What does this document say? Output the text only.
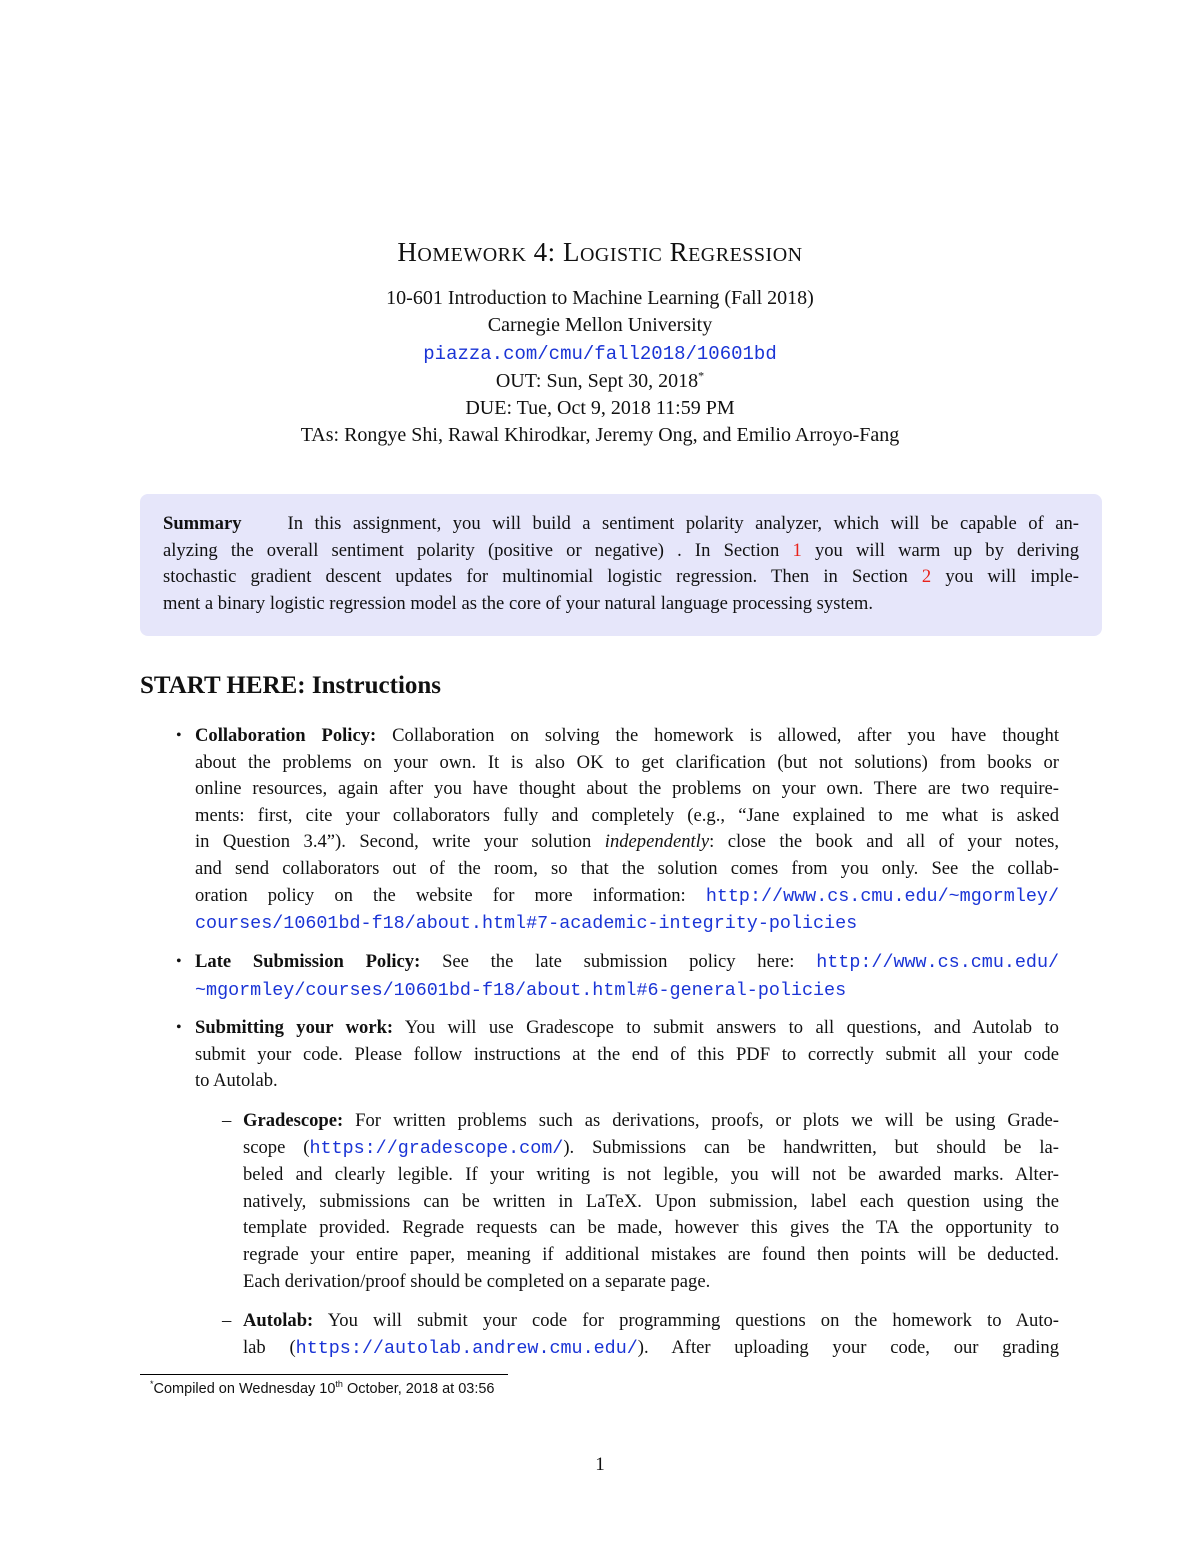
HOMEWORK 4: LOGISTIC REGRESSION

10-601 Introduction to Machine Learning (Fall 2018)

Carnegie Mellon University

piazza.com/cmu/fall2018/10601bd

OUT: Sun, Sept 30, 2018*

DUE: Tue, Oct 9, 2018 11:59 PM

TAs: Rongye Shi, Rawal Khirodkar, Jeremy Ong, and Emilio Arroyo-Fang

Summary In this assignment, you will build a sentiment polarity analyzer, which will be capable of an-
alyzing the overall sentiment polarity (positive or negative) . In Section 1 you will warm up by deriving
stochastic gradient descent updates for multinomial logistic regression. Then in Section 2 you will imple-
ment a binary logistic regression model as the core of your natural language processing system.

START HERE: Instructions
• Collaboration Policy: Collaboration on solving the homework is allowed, after you have thought
about the problems on your own. It is also OK to get clarification (but not solutions) from books or
online resources, again after you have thought about the problems on your own. There are two require-
ments: first, cite your collaborators fully and completely (e.g., “Jane explained to me what is asked
in Question 3.4”). Second, write your solution independently: close the book and all of your notes,
and send collaborators out of the room, so that the solution comes from you only. See the collab-
oration policy on the website for more information: http://www.cs.cmu.edu/~mgormley/
courses/10601bd-f18/about.html#7-academic-integrity-policies
• Late Submission Policy: See the late submission policy here: http://www.cs.cmu.edu/
~mgormley/courses/10601bd-f18/about.html#6-general-policies
• Submitting your work: You will use Gradescope to submit answers to all questions, and Autolab to
submit your code. Please follow instructions at the end of this PDF to correctly submit all your code
to Autolab.
– Gradescope: For written problems such as derivations, proofs, or plots we will be using Grade-
scope (https://gradescope.com/). Submissions can be handwritten, but should be la-
beled and clearly legible. If your writing is not legible, you will not be awarded marks. Alter-
natively, submissions can be written in LaTeX. Upon submission, label each question using the
template provided. Regrade requests can be made, however this gives the TA the opportunity to
regrade your entire paper, meaning if additional mistakes are found then points will be deducted.
Each derivation/proof should be completed on a separate page.
– Autolab: You will submit your code for programming questions on the homework to Auto-
lab (https://autolab.andrew.cmu.edu/). After uploading your code, our grading
*Compiled on Wednesday 10th October, 2018 at 03:56
1
